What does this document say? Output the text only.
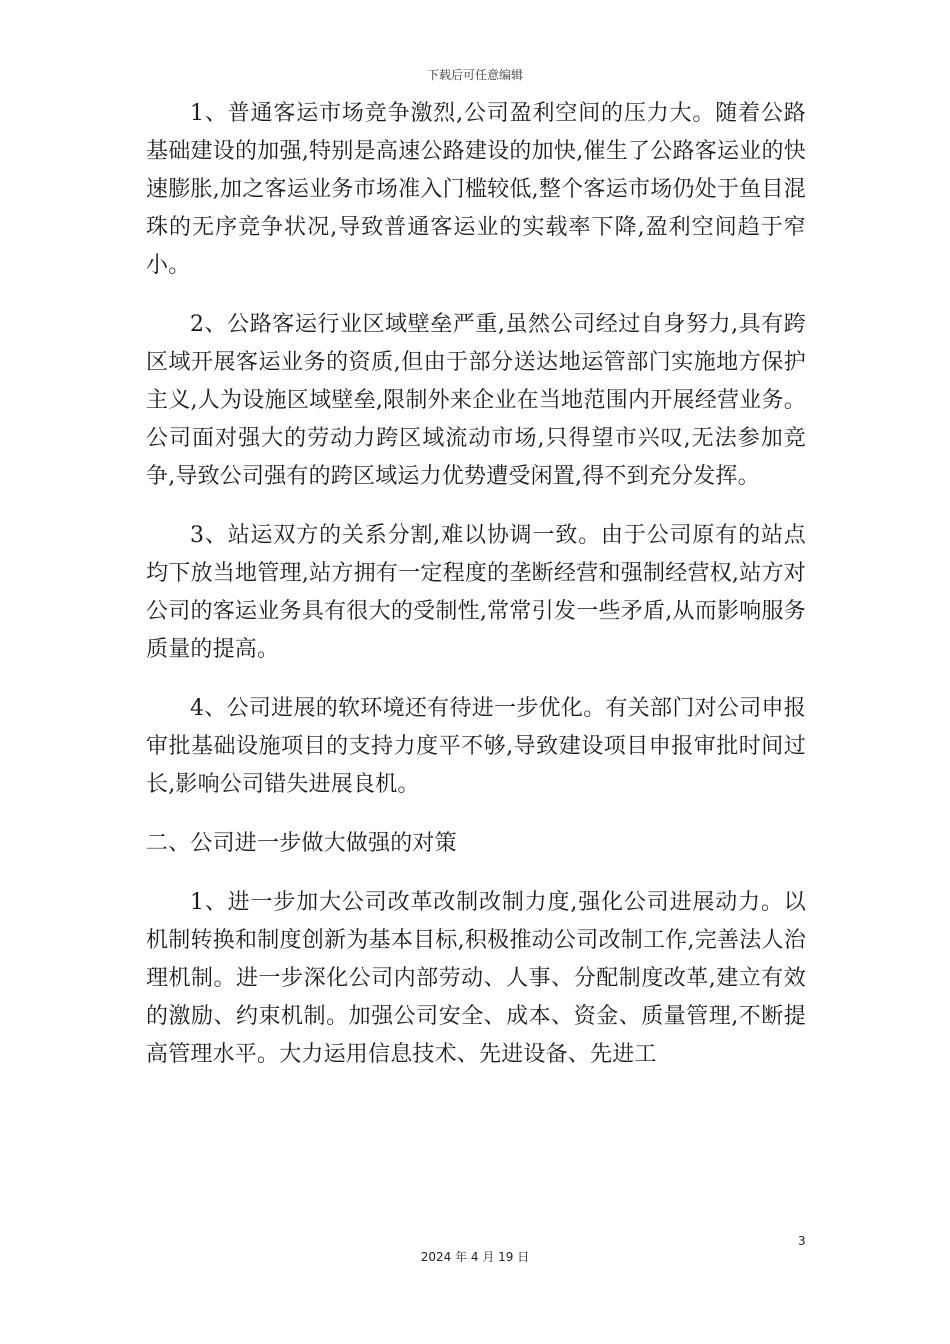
下载后可任意编辑

1、普通客运市场竞争激烈,公司盈利空间的压力大。随着公路基础建设的加强,特别是高速公路建设的加快,催生了公路客运业的快速膨胀,加之客运业务市场准入门槛较低,整个客运市场仍处于鱼目混珠的无序竞争状况,导致普通客运业的实载率下降,盈利空间趋于窄小。

2、公路客运行业区域壁垒严重,虽然公司经过自身努力,具有跨区域开展客运业务的资质,但由于部分送达地运管部门实施地方保护主义,人为设施区域壁垒,限制外来企业在当地范围内开展经营业务。公司面对强大的劳动力跨区域流动市场,只得望市兴叹,无法参加竞争,导致公司强有的跨区域运力优势遭受闲置,得不到充分发挥。

3、站运双方的关系分割,难以协调一致。由于公司原有的站点均下放当地管理,站方拥有一定程度的垄断经营和强制经营权,站方对公司的客运业务具有很大的受制性,常常引发一些矛盾,从而影响服务质量的提高。

4、公司进展的软环境还有待进一步优化。有关部门对公司申报审批基础设施项目的支持力度平不够,导致建设项目申报审批时间过长,影响公司错失进展良机。

二、公司进一步做大做强的对策

1、进一步加大公司改革改制改制力度,强化公司进展动力。以机制转换和制度创新为基本目标,积极推动公司改制工作,完善法人治理机制。进一步深化公司内部劳动、人事、分配制度改革,建立有效的激励、约束机制。加强公司安全、成本、资金、质量管理,不断提高管理水平。大力运用信息技术、先进设备、先进工

3
2024 年 4 月 19 日
